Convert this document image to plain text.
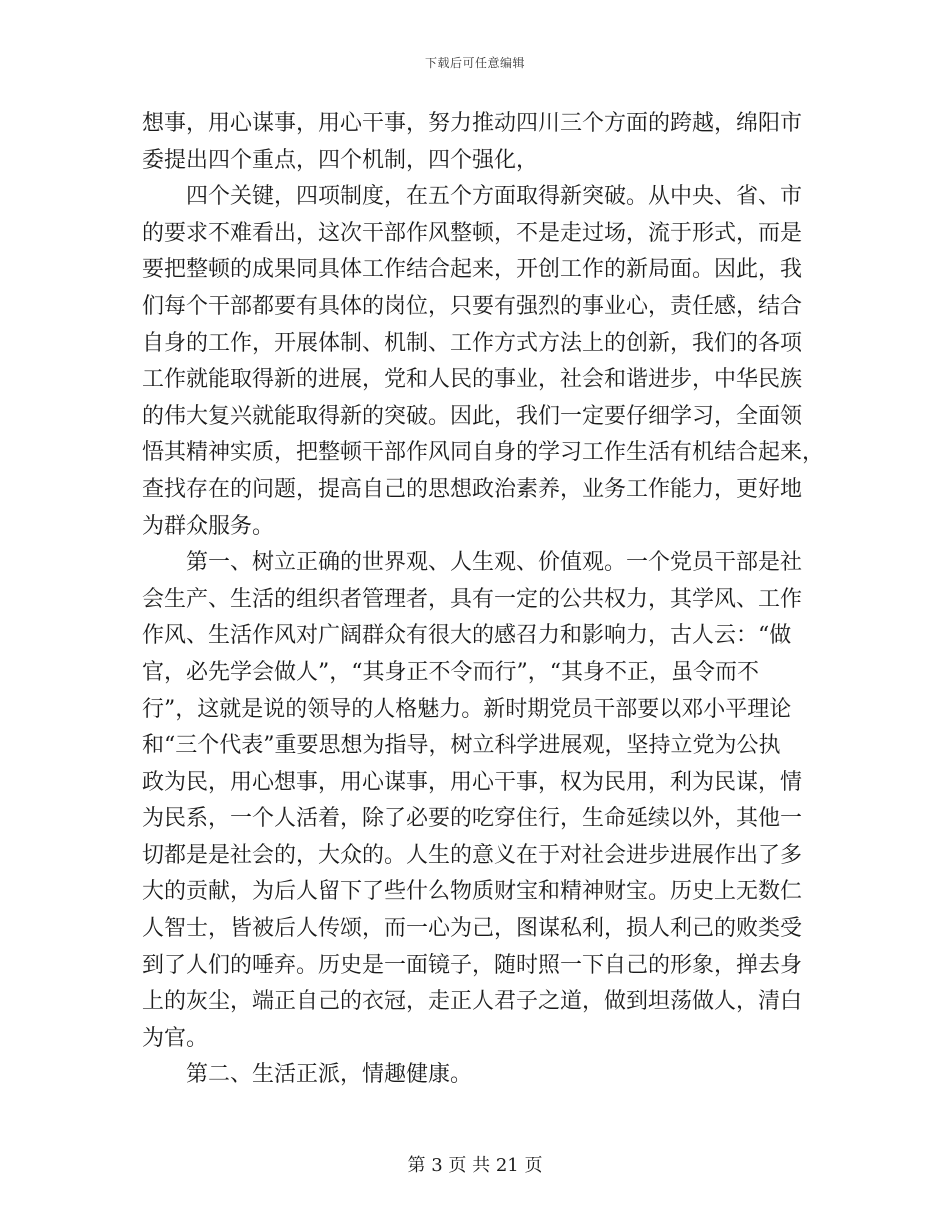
下载后可任意编辑
想事，用心谋事，用心干事，努力推动四川三个方面的跨越，绵阳市
委提出四个重点，四个机制，四个强化，
　　四个关键，四项制度，在五个方面取得新突破。从中央、省、市
的要求不难看出，这次干部作风整顿，不是走过场，流于形式，而是
要把整顿的成果同具体工作结合起来，开创工作的新局面。因此，我
们每个干部都要有具体的岗位，只要有强烈的事业心，责任感，结合
自身的工作，开展体制、机制、工作方式方法上的创新，我们的各项
工作就能取得新的进展，党和人民的事业，社会和谐进步，中华民族
的伟大复兴就能取得新的突破。因此，我们一定要仔细学习，全面领
悟其精神实质，把整顿干部作风同自身的学习工作生活有机结合起来，
查找存在的问题，提高自己的思想政治素养，业务工作能力，更好地
为群众服务。
　　第一、树立正确的世界观、人生观、价值观。一个党员干部是社
会生产、生活的组织者管理者，具有一定的公共权力，其学风、工作
作风、生活作风对广阔群众有很大的感召力和影响力，古人云：“做
官，必先学会做人”，“其身正不令而行”，“其身不正，虽令而不
行”，这就是说的领导的人格魅力。新时期党员干部要以邓小平理论
和“三个代表”重要思想为指导，树立科学进展观，坚持立党为公执
政为民，用心想事，用心谋事，用心干事，权为民用，利为民谋，情
为民系，一个人活着，除了必要的吃穿住行，生命延续以外，其他一
切都是是社会的，大众的。人生的意义在于对社会进步进展作出了多
大的贡献，为后人留下了些什么物质财宝和精神财宝。历史上无数仁
人智士，皆被后人传颂，而一心为己，图谋私利，损人利己的败类受
到了人们的唾弃。历史是一面镜子，随时照一下自己的形象，掸去身
上的灰尘，端正自己的衣冠，走正人君子之道，做到坦荡做人，清白
为官。
　　第二、生活正派，情趣健康。
第 3 页 共 21 页
